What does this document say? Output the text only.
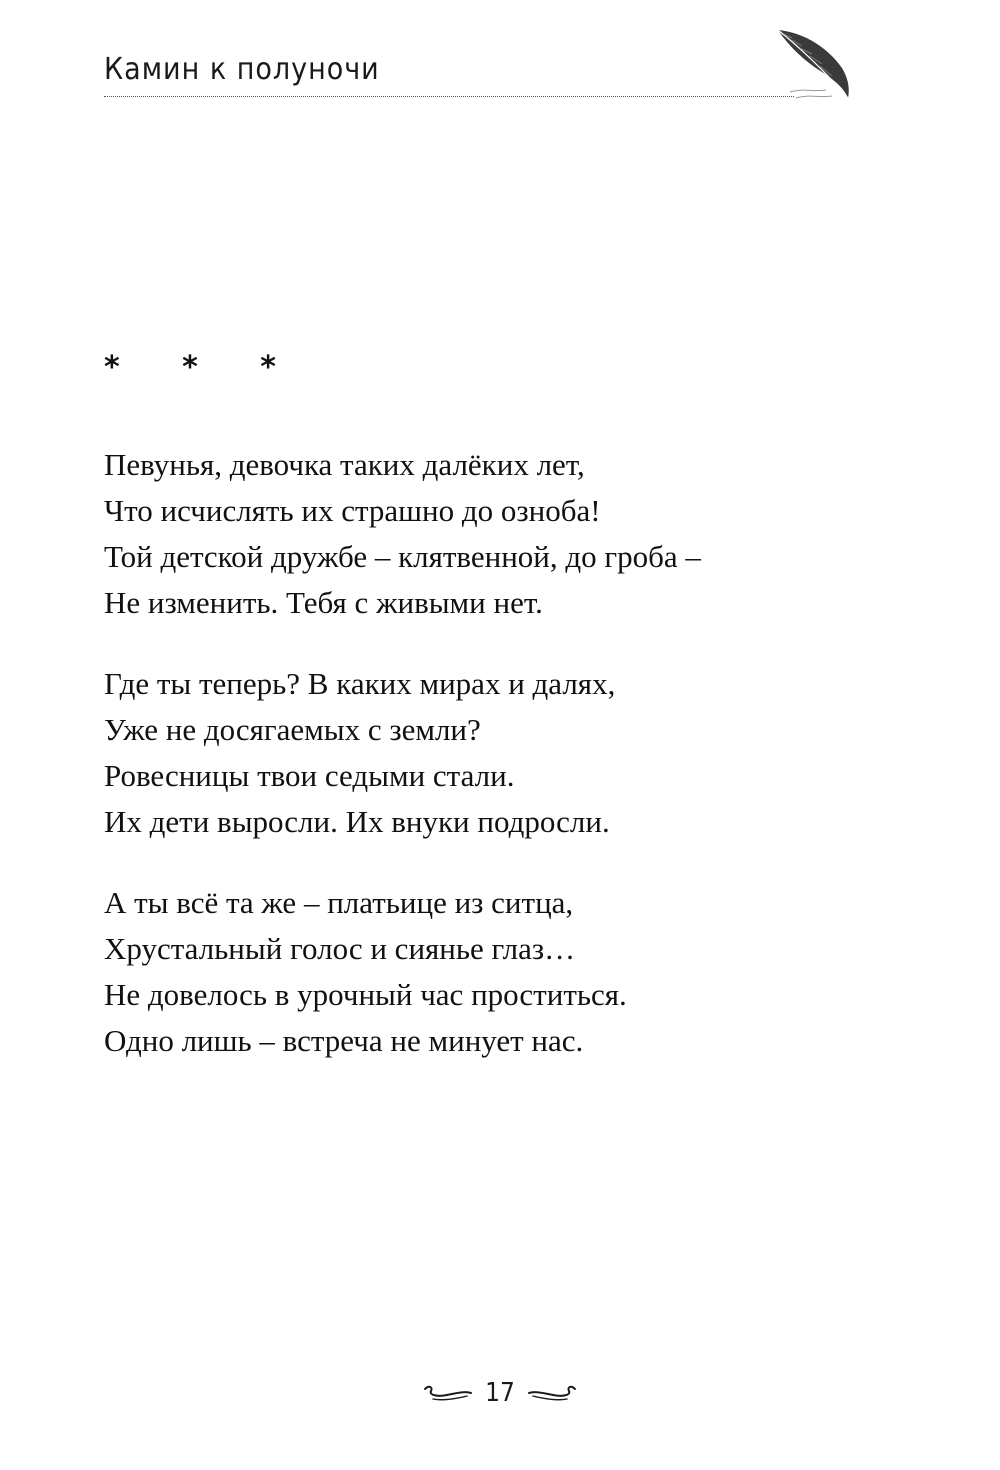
Камин к полуночи
* * *
Певунья, девочка таких далёких лет,
Что исчислять их страшно до озноба!
Той детской дружбе – клятвенной, до гроба –
Не изменить. Тебя с живыми нет.
Где ты теперь? В каких мирах и далях,
Уже не досягаемых с земли?
Ровесницы твои седыми стали.
Их дети выросли. Их внуки подросли.
А ты всё та же – платьице из ситца,
Хрустальный голос и сиянье глаз…
Не довелось в урочный час проститься.
Одно лишь – встреча не минует нас.
17
